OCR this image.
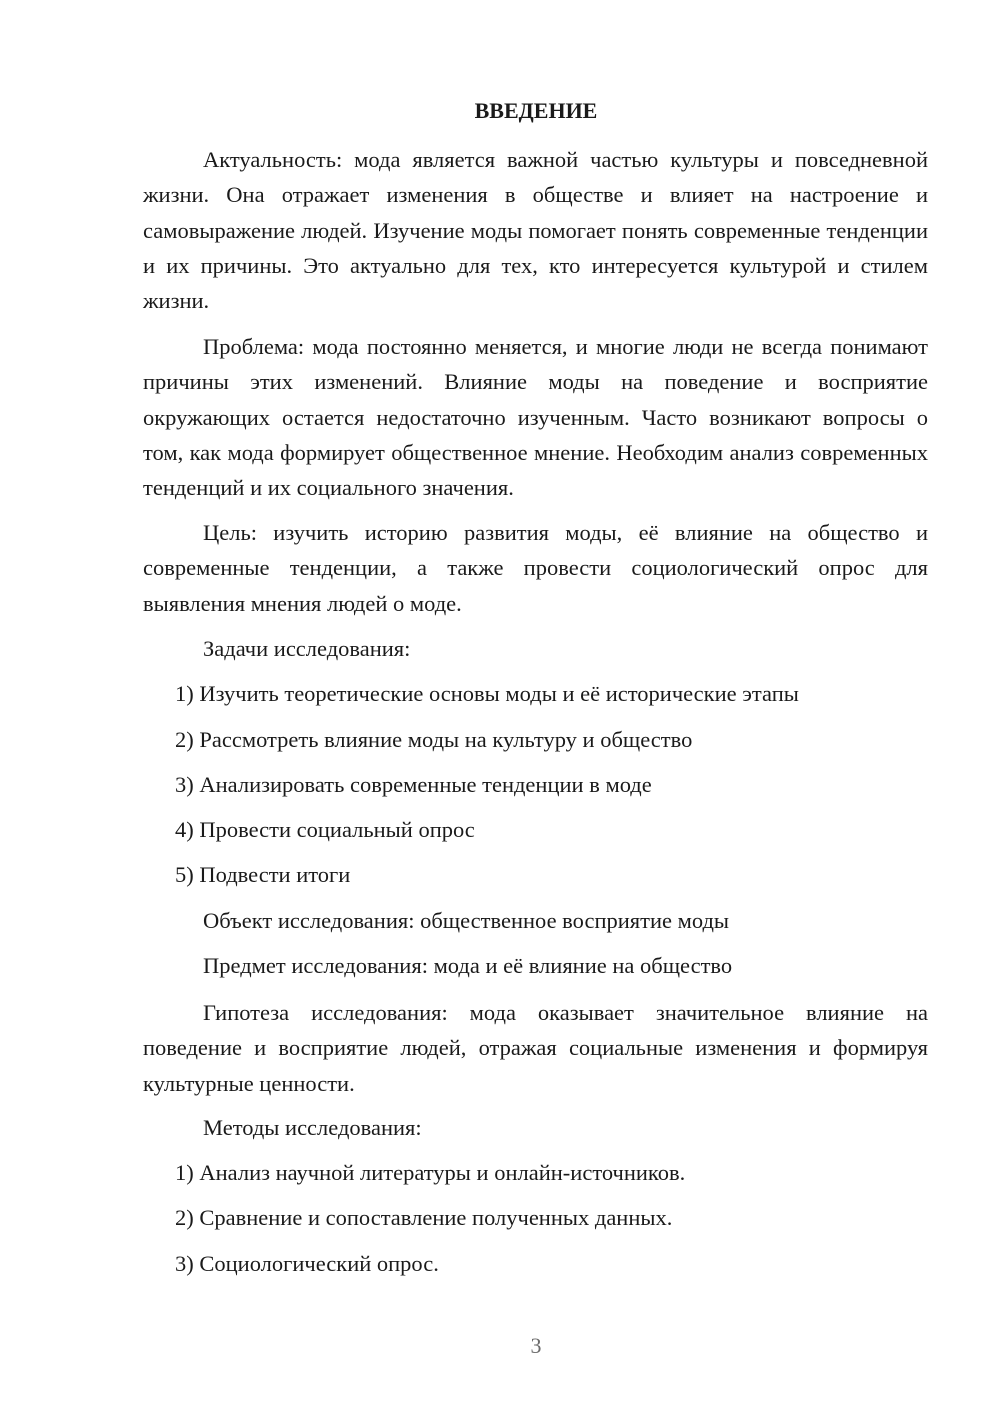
ВВЕДЕНИЕ
Актуальность: мода является важной частью культуры и повседневной жизни. Она отражает изменения в обществе и влияет на настроение и самовыражение людей. Изучение моды помогает понять современные тенденции и их причины. Это актуально для тех, кто интересуется культурой и стилем жизни.
Проблема: мода постоянно меняется, и многие люди не всегда понимают причины этих изменений. Влияние моды на поведение и восприятие окружающих остается недостаточно изученным. Часто возникают вопросы о том, как мода формирует общественное мнение. Необходим анализ современных тенденций и их социального значения.
Цель: изучить историю развития моды, её влияние на общество и современные тенденции, а также провести социологический опрос для выявления мнения людей о моде.
Задачи исследования:
1) Изучить теоретические основы моды и её исторические этапы
2) Рассмотреть влияние моды на культуру и общество
3) Анализировать современные тенденции в моде
4) Провести социальный опрос
5) Подвести итоги
Объект исследования: общественное восприятие моды
Предмет исследования: мода и её влияние на общество
Гипотеза исследования: мода оказывает значительное влияние на поведение и восприятие людей, отражая социальные изменения и формируя культурные ценности.
Методы исследования:
1) Анализ научной литературы и онлайн-источников.
2) Сравнение и сопоставление полученных данных.
3) Социологический опрос.
3
